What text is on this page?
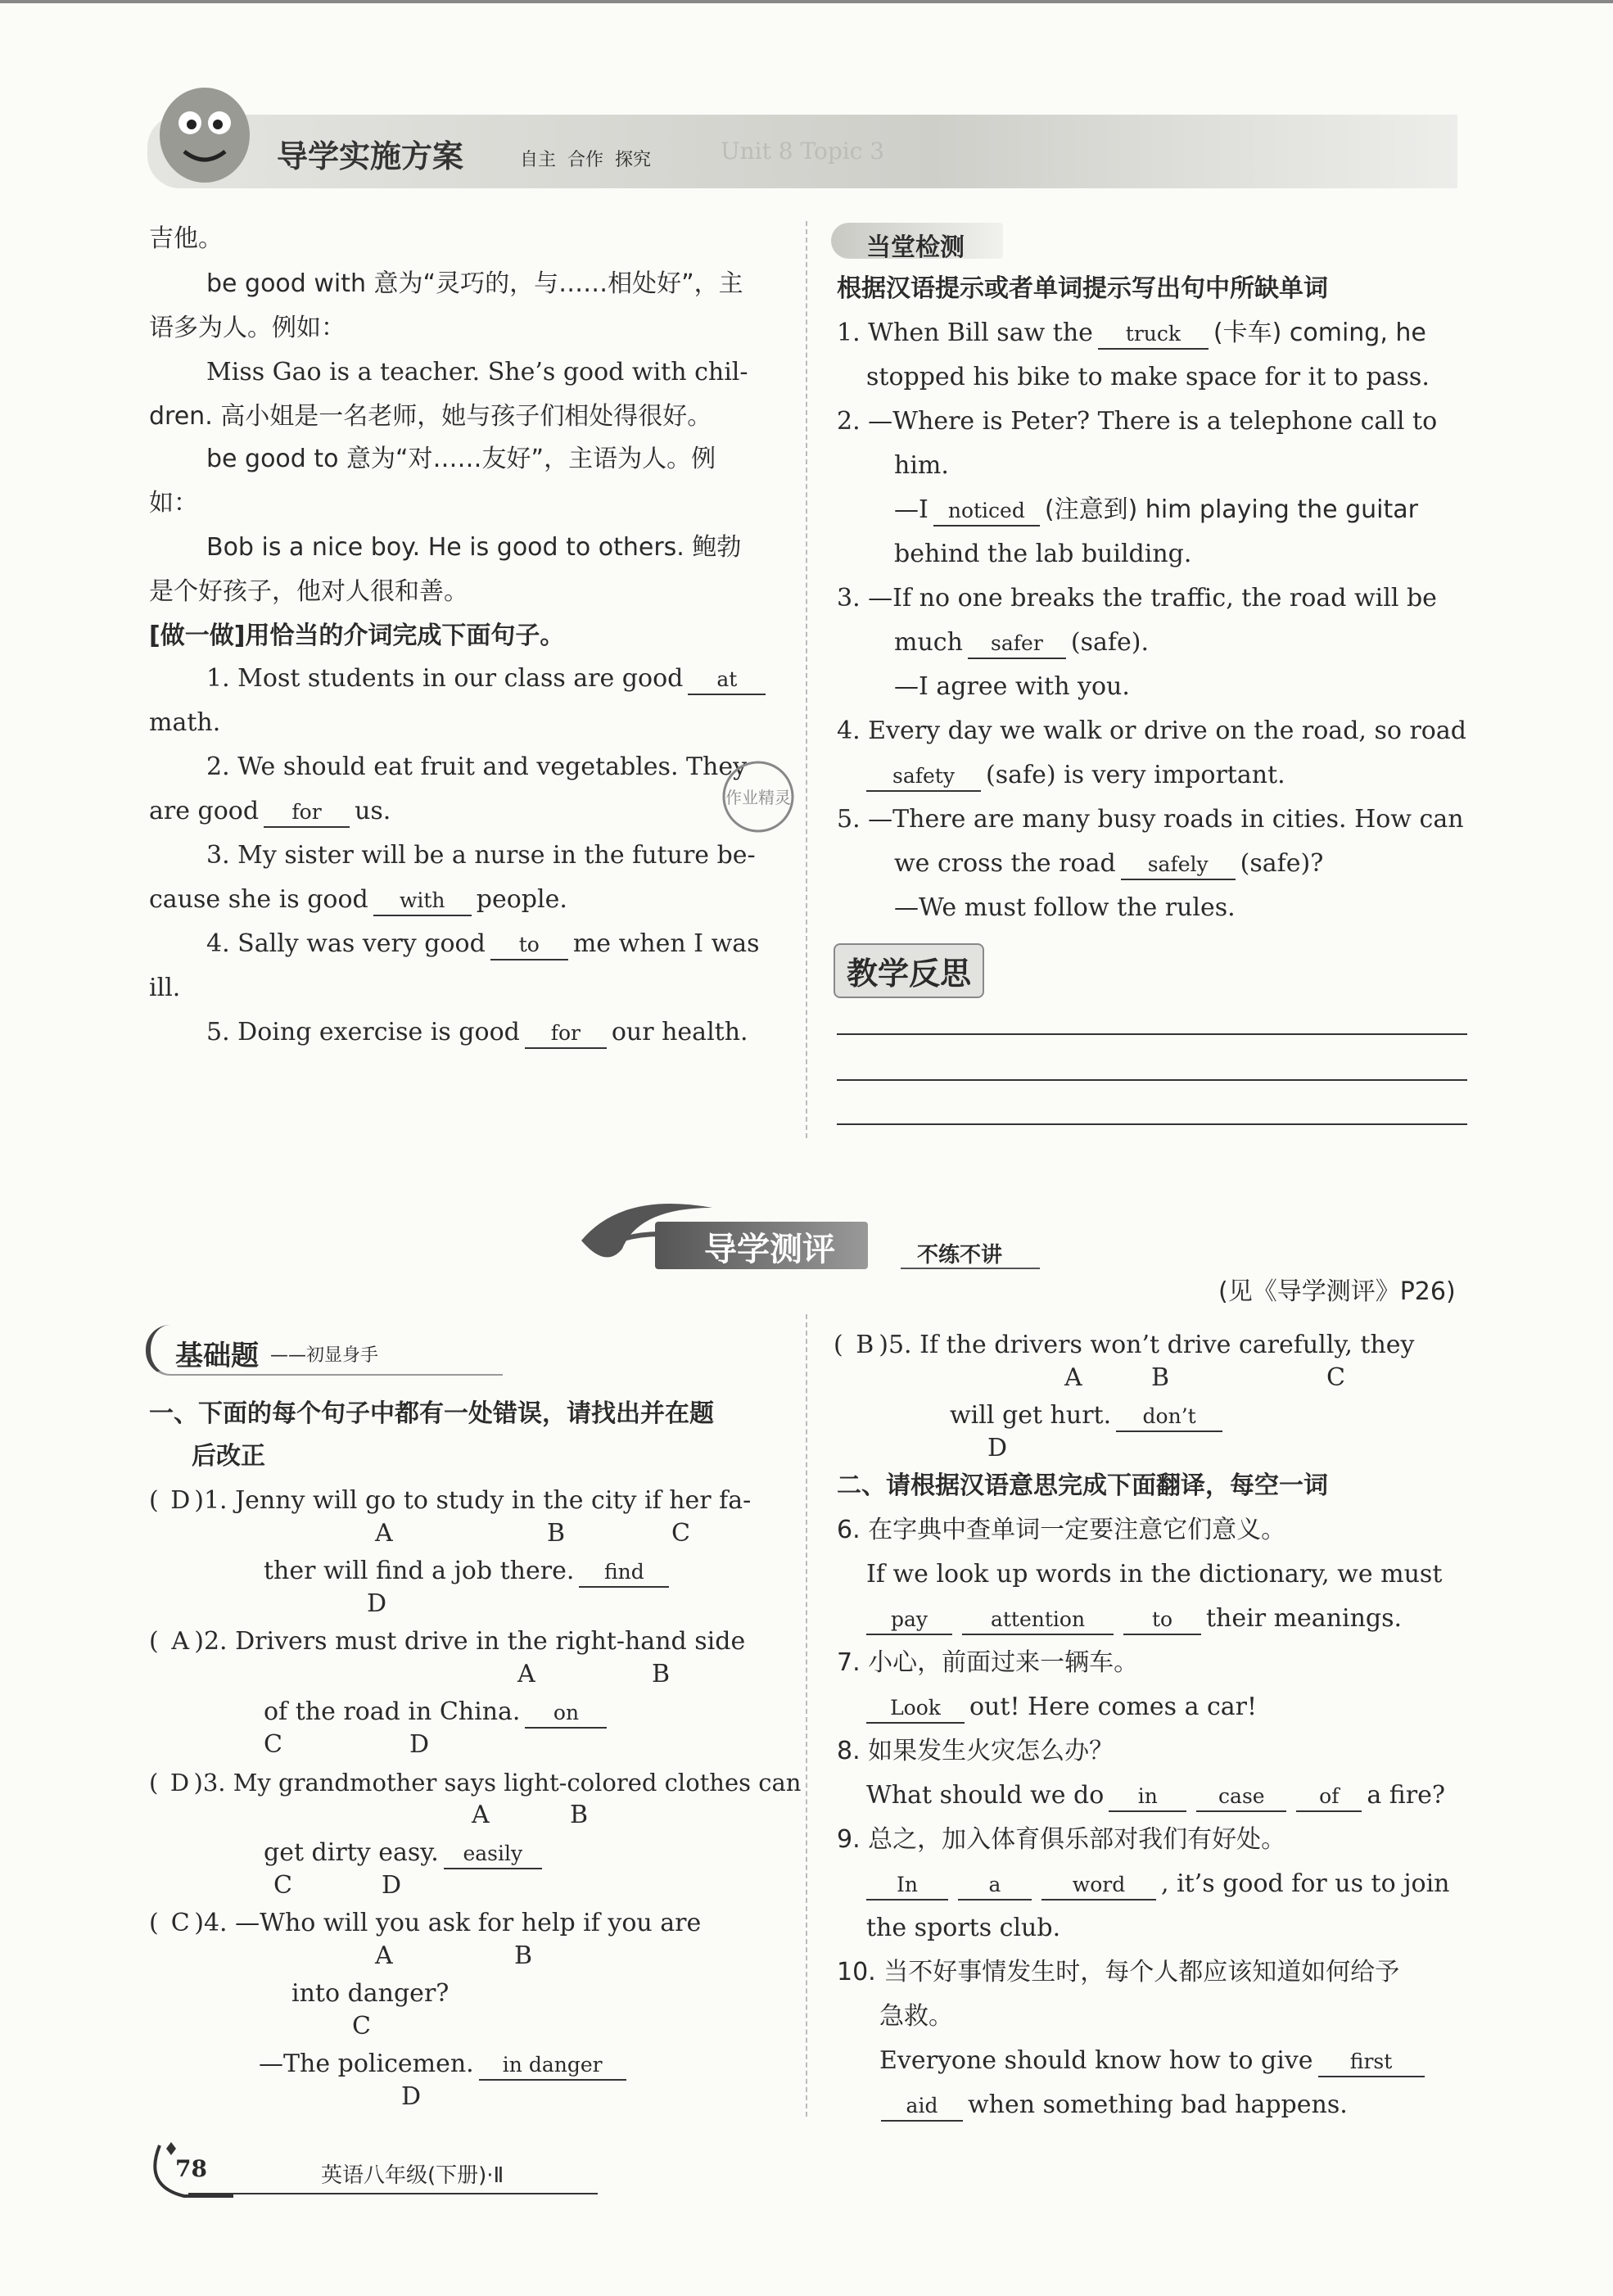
导学实施方案	自主  合作  探究	Unit 8 Topic 3
吉他。
be good with 意为“灵巧的，与……相处好”，主
语多为人。例如：
Miss Gao is a teacher. She’s good with chil-
dren. 高小姐是一名老师，她与孩子们相处得很好。
be good to 意为“对……友好”，主语为人。例
如：
Bob is a nice boy. He is good to others. 鲍勃
是个好孩子，他对人很和善。
[做一做]用恰当的介词完成下面句子。
1. Most students in our class are good at
math.
2. We should eat fruit and vegetables. They
are good for us.
3. My sister will be a nurse in the future be-
cause she is good with people.
4. Sally was very good to me when I was
ill.
5. Doing exercise is good for our health.
作业精灵
当堂检测
根据汉语提示或者单词提示写出句中所缺单词
1. When Bill saw the truck (卡车) coming, he
stopped his bike to make space for it to pass.
2. —Where is Peter? There is a telephone call to
him.
—I noticed (注意到) him playing the guitar
behind the lab building.
3. —If no one breaks the traffic, the road will be
much safer (safe).
—I agree with you.
4. Every day we walk or drive on the road, so road
safety (safe) is very important.
5. —There are many busy roads in cities. How can
we cross the road safely (safe)?
—We must follow the rules.
教学反思
导学测评	不练不讲
(见《导学测评》P26)
基础题 ——初显身手
一、下面的每个句子中都有一处错误，请找出并在题
后改正
( D )1. Jenny will go to study in the city if her fa-
ther will find a job there. find
A	B	C
D
( A )2. Drivers must drive in the right-hand side
of the road in China. on
A	B
C	D
( D )3. My grandmother says light-colored clothes can
get dirty easy. easily
A	B
C	D
( C )4. —Who will you ask for help if you are
into danger?
—The policemen. in danger
A	B
C
D
( B )5. If the drivers won’t drive carefully, they
A	B	C
will get hurt. don’t
D
二、请根据汉语意思完成下面翻译，每空一词
6. 在字典中查单词一定要注意它们意义。
If we look up words in the dictionary, we must
pay	attention	to their meanings.
7. 小心，前面过来一辆车。
Look out! Here comes a car!
8. 如果发生火灾怎么办？
What should we do in	case	of a fire?
9. 总之，加入体育俱乐部对我们有好处。
In	a	word , it’s good for us to join
the sports club.
10. 当不好事情发生时，每个人都应该知道如何给予
急救。
Everyone should know how to give first
aid when something bad happens.
78	英语八年级(下册)·Ⅱ
